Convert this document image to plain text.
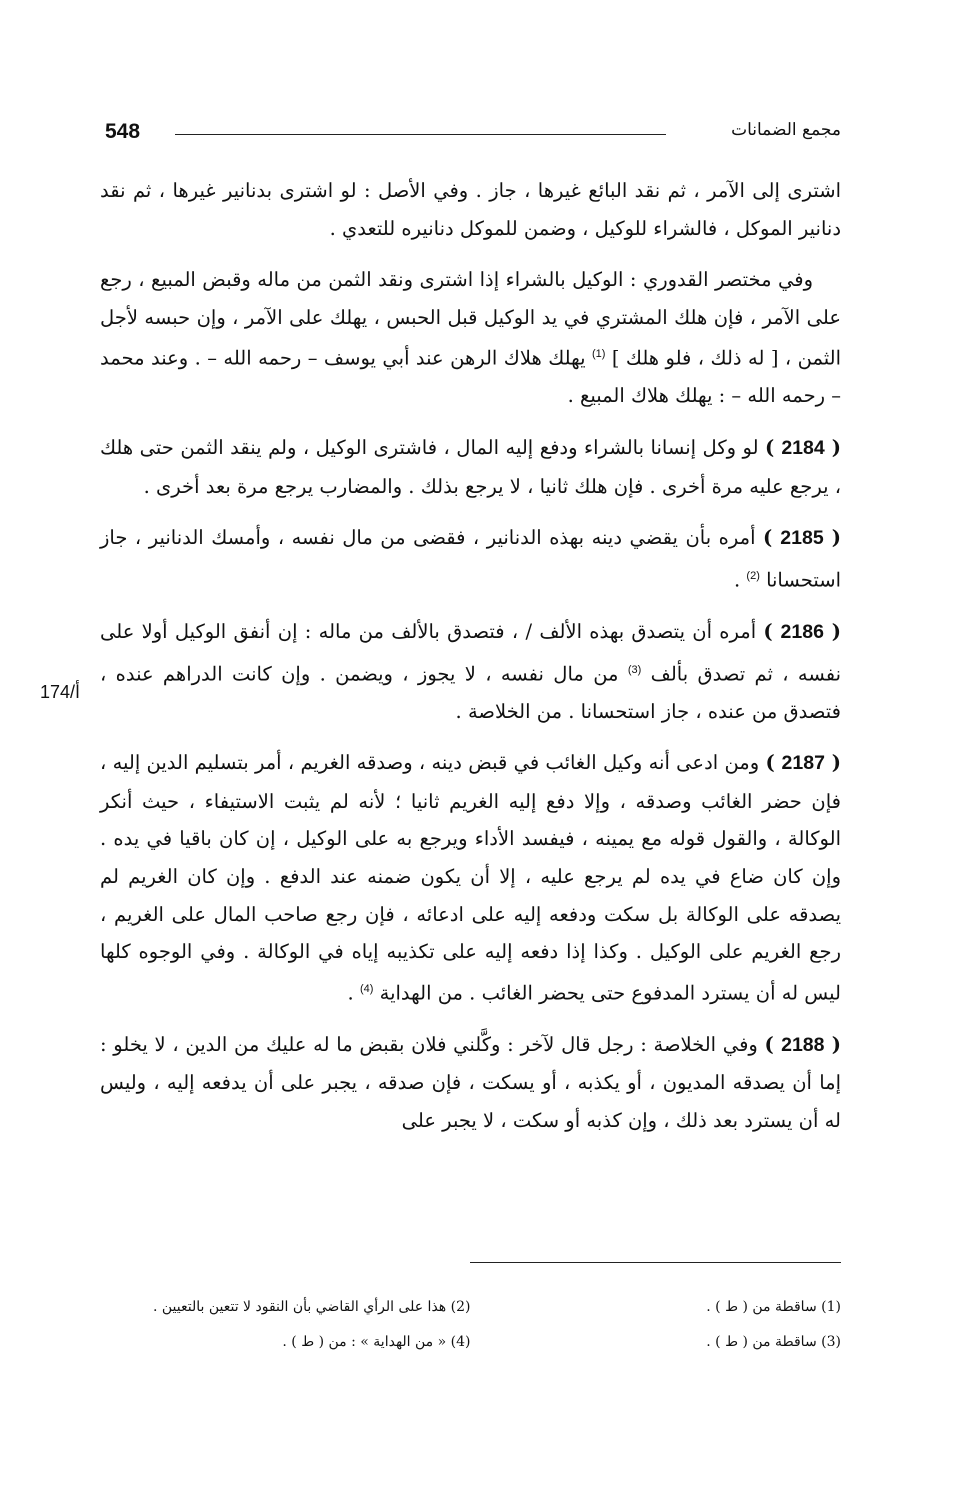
548	مجمع الضمانات
174/أ

اشترى إلى الآمر ، ثم نقد البائع غيرها ، جاز . وفي الأصل : لو اشترى بدنانير غيرها ، ثم نقد دنانير الموكل ، فالشراء للوكيل ، وضمن للموكل دنانيره للتعدي .

وفي مختصر القدوري : الوكيل بالشراء إذا اشترى ونقد الثمن من ماله وقبض المبيع ، رجع على الآمر ، فإن هلك المشتري في يد الوكيل قبل الحبس ، يهلك على الآمر ، وإن حبسه لأجل الثمن ، [ له ذلك ، فلو هلك ] $^{(1)}$ يهلك هلاك الرهن عند أبي يوسف – رحمه الله – . وعند محمد – رحمه الله – : يهلك هلاك المبيع .

( 2184 ) لو وكل إنسانا بالشراء ودفع إليه المال ، فاشترى الوكيل ، ولم ينقد الثمن حتى هلك ، يرجع عليه مرة أخرى . فإن هلك ثانيا ، لا يرجع بذلك . والمضارب يرجع مرة بعد أخرى .

( 2185 ) أمره بأن يقضي دينه بهذه الدنانير ، فقضى من مال نفسه ، وأمسك الدنانير ، جاز استحسانا $^{(2)}$ .

( 2186 ) أمره أن يتصدق بهذه الألف / ، فتصدق بالألف من ماله : إن أنفق الوكيل أولا على نفسه ، ثم تصدق بألف $^{(3)}$ من مال نفسه ، لا يجوز ، ويضمن . وإن كانت الدراهم عنده ، فتصدق من عنده ، جاز استحسانا . من الخلاصة .

( 2187 ) ومن ادعى أنه وكيل الغائب في قبض دينه ، وصدقه الغريم ، أمر بتسليم الدين إليه ، فإن حضر الغائب وصدقه ، وإلا دفع إليه الغريم ثانيا ؛ لأنه لم يثبت الاستيفاء ، حيث أنكر الوكالة ، والقول قوله مع يمينه ، فيفسد الأداء ويرجع به على الوكيل ، إن كان باقيا في يده . وإن كان ضاع في يده لم يرجع عليه ، إلا أن يكون ضمنه عند الدفع . وإن كان الغريم لم يصدقه على الوكالة بل سكت ودفعه إليه على ادعائه ، فإن رجع صاحب المال على الغريم ، رجع الغريم على الوكيل . وكذا إذا دفعه إليه على تكذيبه إياه في الوكالة . وفي الوجوه كلها ليس له أن يسترد المدفوع حتى يحضر الغائب . من الهداية $^{(4)}$ .

( 2188 ) وفي الخلاصة : رجل قال لآخر : وكَّلني فلان بقبض ما له عليك من الدين ، لا يخلو : إما أن يصدقه المديون ، أو يكذبه ، أو يسكت ، فإن صدقه ، يجبر على أن يدفعه إليه ، وليس له أن يسترد بعد ذلك ، وإن كذبه أو سكت ، لا يجبر على

(1) ساقطة من ( ط ) .
(2) هذا على الرأي القاضي بأن النقود لا تتعين بالتعيين .
(3) ساقطة من ( ط ) .
(4) « من الهداية » : من ( ط ) .
